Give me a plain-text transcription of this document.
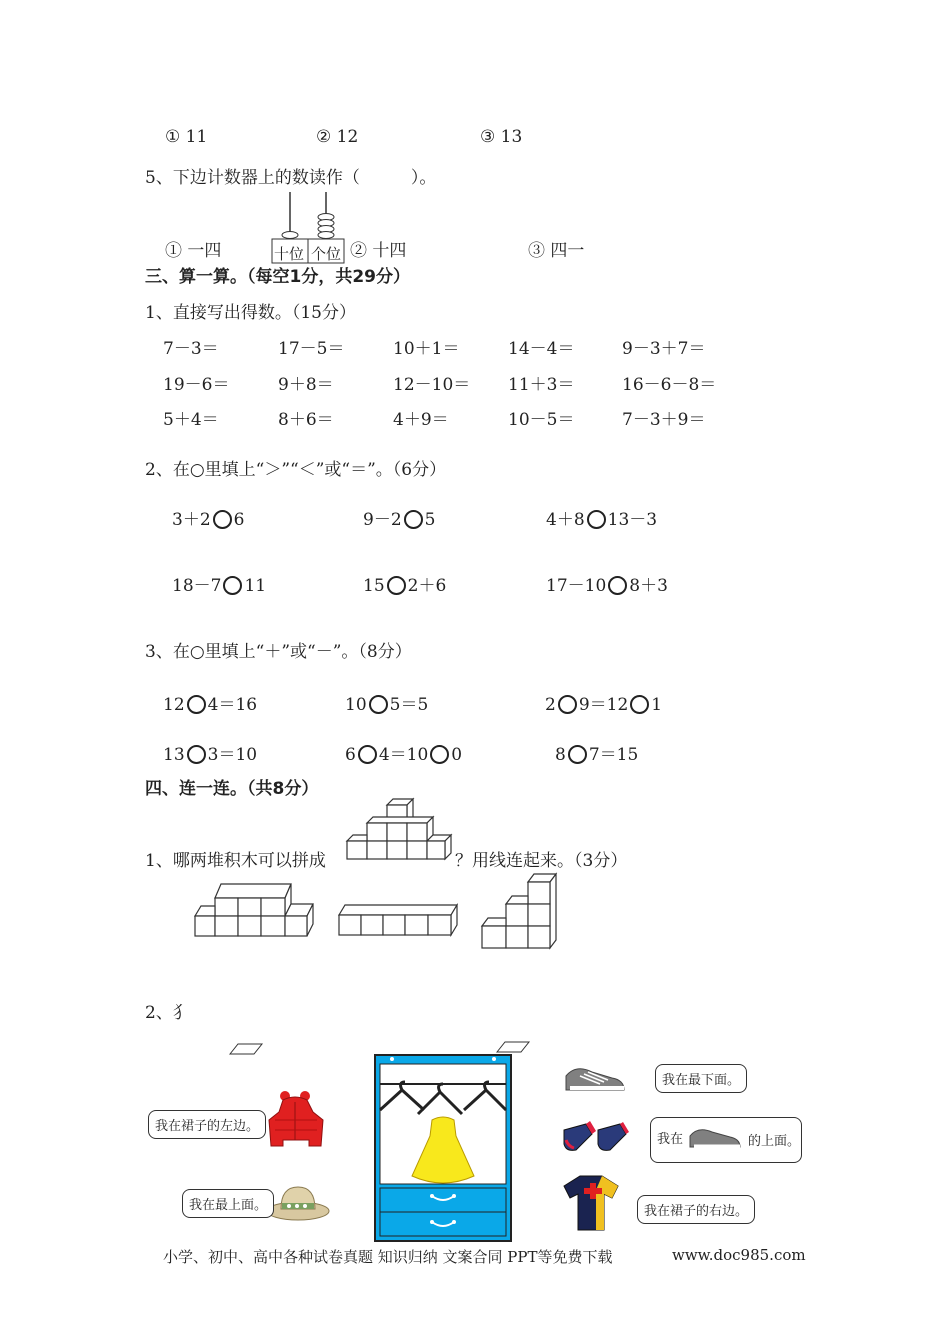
① 11	② 12	③ 13
5、下边计数器上的数读作（　　　）。
十位 个位
① 一四	② 十四	③ 四一
三、算一算。（每空1分，共29分）
1、直接写出得数。（15分）
7－3＝	17－5＝	10＋1＝	14－4＝	9－3＋7＝
19－6＝	9＋8＝	12－10＝ 11＋3＝	16－6－8＝
5＋4＝	8＋6＝	4＋9＝	10－5＝	7－3＋9＝
2、在○里填上“＞”“＜”或“＝”。（6分）
3＋2 6	9－2 5	4＋8 13－3
18－7 11	15 2＋6	17－10 8＋3
3、在○里填上“＋”或“－”。（8分）
12 4＝16	10 5＝5	2 9＝12 1
13 3＝10	6 4＝10 0	8 7＝15
四、连一连。（共8分）
1、哪两堆积木可以拼成	？用线连起来。（3分）
2、犭
我在裙子的左边。
我在最上面。
我在最下面。
我在	的上面。
我在裙子的右边。
小学、初中、高中各种试卷真题 知识归纳 文案合同 PPT等免费下载	www.doc985.com
